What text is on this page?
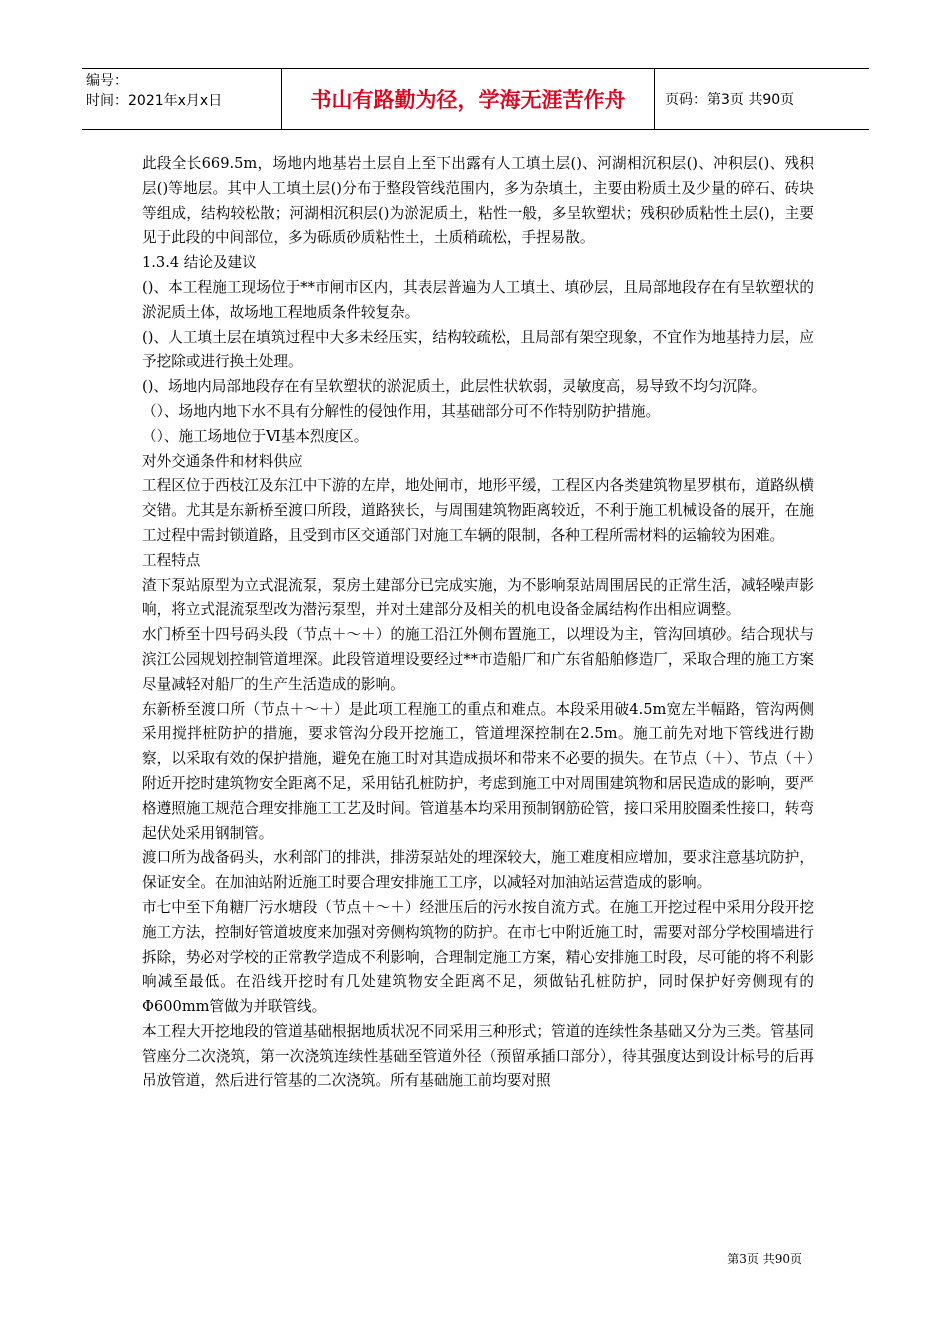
编号：
时间：2021年x月x日	书山有路勤为径，学海无涯苦作舟	页码：第3页 共90页

此段全长669.5m，场地内地基岩土层自上至下出露有人工填土层()、河湖相沉积层()、冲积层()、残积层()等地层。其中人工填土层()分布于整段管线范围内，多为杂填土，主要由粉质土及少量的碎石、砖块等组成，结构较松散；河湖相沉积层()为淤泥质土，粘性一般，多呈软塑状；残积砂质粘性土层()，主要见于此段的中间部位，多为砾质砂质粘性土，土质稍疏松，手捏易散。

1.3.4 结论及建议

()、本工程施工现场位于**市闸市区内，其表层普遍为人工填土、填砂层，且局部地段存在有呈软塑状的淤泥质土体，故场地工程地质条件较复杂。

()、人工填土层在填筑过程中大多未经压实，结构较疏松，且局部有架空现象，不宜作为地基持力层，应予挖除或进行换土处理。

()、场地内局部地段存在有呈软塑状的淤泥质土，此层性状软弱，灵敏度高，易导致不均匀沉降。

（）、场地内地下水不具有分解性的侵蚀作用，其基础部分可不作特别防护措施。

（）、施工场地位于Ⅵ基本烈度区。

对外交通条件和材料供应

工程区位于西枝江及东江中下游的左岸，地处闸市，地形平缓，工程区内各类建筑物星罗棋布，道路纵横交错。尤其是东新桥至渡口所段，道路狭长，与周围建筑物距离较近，不利于施工机械设备的展开，在施工过程中需封锁道路，且受到市区交通部门对施工车辆的限制，各种工程所需材料的运输较为困难。

工程特点

渣下泵站原型为立式混流泵，泵房土建部分已完成实施，为不影响泵站周围居民的正常生活，减轻噪声影响，将立式混流泵型改为潜污泵型，并对土建部分及相关的机电设备金属结构作出相应调整。

水门桥至十四号码头段（节点＋～＋）的施工沿江外侧布置施工，以埋设为主，管沟回填砂。结合现状与滨江公园规划控制管道埋深。此段管道埋设要经过**市造船厂和广东省船舶修造厂，采取合理的施工方案尽量减轻对船厂的生产生活造成的影响。

东新桥至渡口所（节点＋～＋）是此项工程施工的重点和难点。本段采用破4.5m宽左半幅路，管沟两侧采用搅拌桩防护的措施，要求管沟分段开挖施工，管道埋深控制在2.5m。施工前先对地下管线进行勘察，以采取有效的保护措施，避免在施工时对其造成损坏和带来不必要的损失。在节点（＋）、节点（＋）附近开挖时建筑物安全距离不足，采用钻孔桩防护，考虑到施工中对周围建筑物和居民造成的影响，要严格遵照施工规范合理安排施工工艺及时间。管道基本均采用预制钢筋砼管，接口采用胶圈柔性接口，转弯起伏处采用钢制管。

渡口所为战备码头，水利部门的排洪，排涝泵站处的埋深较大，施工难度相应增加，要求注意基坑防护，保证安全。在加油站附近施工时要合理安排施工工序，以减轻对加油站运营造成的影响。

市七中至下角糖厂污水塘段（节点＋～＋）经泄压后的污水按自流方式。在施工开挖过程中采用分段开挖施工方法，控制好管道坡度来加强对旁侧构筑物的防护。在市七中附近施工时，需要对部分学校围墙进行拆除，势必对学校的正常教学造成不利影响，合理制定施工方案，精心安排施工时段，尽可能的将不利影响减至最低。在沿线开挖时有几处建筑物安全距离不足，须做钻孔桩防护，同时保护好旁侧现有的Φ600mm管做为并联管线。

本工程大开挖地段的管道基础根据地质状况不同采用三种形式；管道的连续性条基础又分为三类。管基同管座分二次浇筑，第一次浇筑连续性基础至管道外径（预留承插口部分），待其强度达到设计标号的后再吊放管道，然后进行管基的二次浇筑。所有基础施工前均要对照

第3页 共90页
